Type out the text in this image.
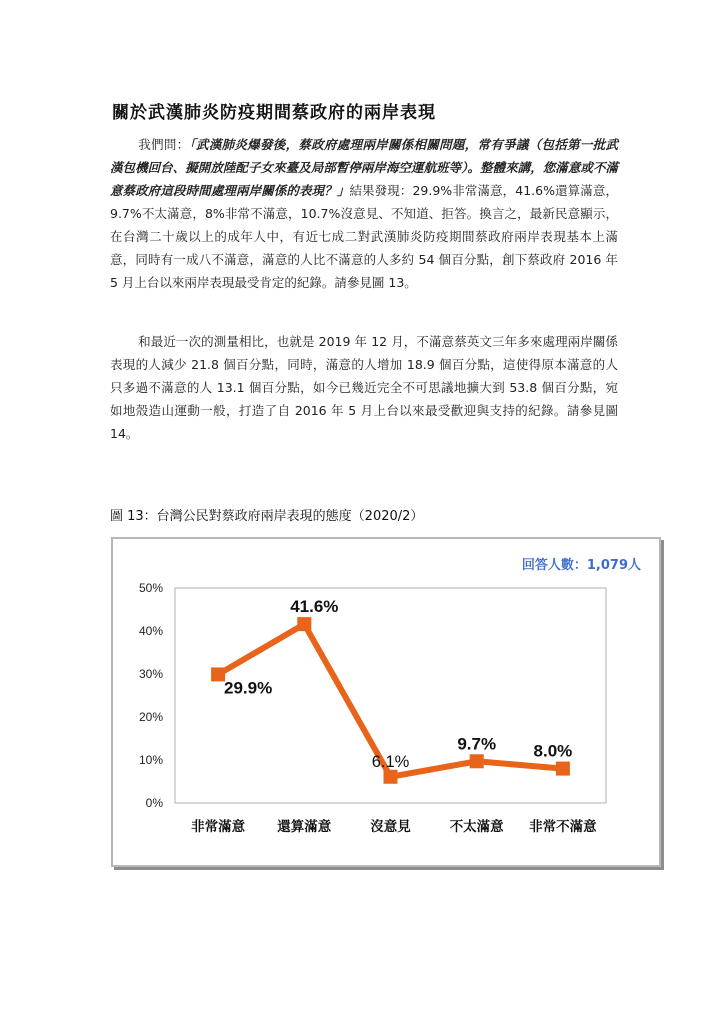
關於武漢肺炎防疫期間蔡政府的兩岸表現

我們問：「武漢肺炎爆發後，蔡政府處理兩岸關係相關問題，常有爭議（包括第一批武漢包機回台、擬開放陸配子女來臺及局部暫停兩岸海空運航班等）。整體來講，您滿意或不滿意蔡政府這段時間處理兩岸關係的表現？」結果發現：29.9%非常滿意，41.6%還算滿意，9.7%不太滿意，8%非常不滿意，10.7%沒意見、不知道、拒答。換言之，最新民意顯示，在台灣二十歲以上的成年人中，有近七成二對武漢肺炎防疫期間蔡政府兩岸表現基本上滿意，同時有一成八不滿意，滿意的人比不滿意的人多約 54 個百分點，創下蔡政府 2016 年 5 月上台以來兩岸表現最受肯定的紀錄。請參見圖 13。

和最近一次的測量相比，也就是 2019 年 12 月，不滿意蔡英文三年多來處理兩岸關係表現的人減少 21.8 個百分點，同時，滿意的人增加 18.9 個百分點，這使得原本滿意的人只多過不滿意的人 13.1 個百分點，如今已幾近完全不可思議地擴大到 53.8 個百分點，宛如地殼造山運動一般，打造了自 2016 年 5 月上台以來最受歡迎與支持的紀錄。請參見圖 14。

圖 13：台灣公民對蔡政府兩岸表現的態度（2020/2）
0%
10%
20%
30%
40%
50%
非常滿意 還算滿意	沒意見	不太滿意 非常不滿意
29.9%
41.6%
6.1%
9.7% 8.0%
回答人數：1,079人
